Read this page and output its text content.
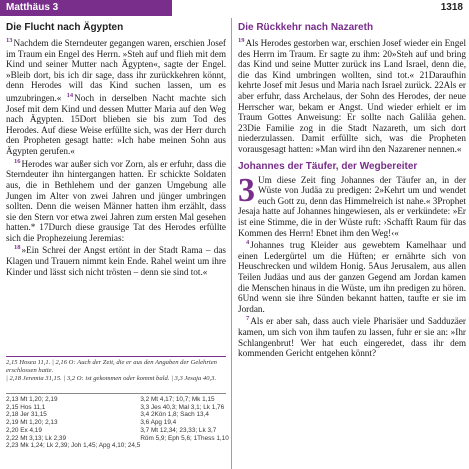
Matthäus 3	1318
Die Flucht nach Ägypten

$^{13}$Nachdem die Sterndeuter gegangen waren, erschien Josef im Traum ein Engel des Herrn. »Steh auf und flieh mit dem Kind und seiner Mutter nach Ägypten«, sagte der Engel. »Bleib dort, bis ich dir sage, dass ihr zurückkehren könnt, denn Herodes will das Kind suchen lassen, um es umzubringen.« $^{14}$Noch in derselben Nacht machte sich Josef mit dem Kind und dessen Mutter Maria auf den Weg nach Ägypten. 15Dort blieben sie bis zum Tod des Herodes. Auf diese Weise erfüllte sich, was der Herr durch den Propheten gesagt hatte: »Ich habe meinen Sohn aus Ägypten gerufen.«

$^{16}$Herodes war außer sich vor Zorn, als er erfuhr, dass die Sterndeuter ihn hintergangen hatten. Er schickte Soldaten aus, die in Bethlehem und der ganzen Umgebung alle Jungen im Alter von zwei Jahren und jünger umbringen sollten. Denn die weisen Männer hatten ihm erzählt, dass sie den Stern vor etwa zwei Jahren zum ersten Mal gesehen hatten.* 17Durch diese grausige Tat des Herodes erfüllte sich die Prophezeiung Jeremias:

$^{18}$»Ein Schrei der Angst ertönt in der Stadt Rama – das Klagen und Trauern nimmt kein Ende. Rahel weint um ihre Kinder und lässt sich nicht trösten – denn sie sind tot.«

2,15 Hosea 11,1. | 2,16 O: Auch der Zeit, die er aus den Angaben der Gelehrten erschlossen hatte.

| 2,18 Jeremia 31,15. | 3,2 O: ist gekommen oder kommt bald. | 3,3 Jesaja 40,3.

2,13 Mt 1,20; 2,19

2,15 Hos 11,1

2,18 Jer 31,15

2,19 Mt 1,20; 2,13

2,20 Ex 4,19

2,22 Mt 3,13; Lk 2,39

2,23 Mk 1,24; Lk 2,39; Joh 1,45; Apg 4,10; 24,5

3,2 Mt 4,17; 10,7; Mk 1,15

3,3 Jes 40,3; Mal 3,1; Lk 1,76

3,4 2Kön 1,8; Sach 13,4

3,6 Apg 19,4

3,7 Mt 12,34; 23,33; Lk 3,7

Röm 5,9; Eph 5,6; 1Thess 1,10

Die Rückkehr nach Nazareth

$^{19}$Als Herodes gestorben war, erschien Josef wieder ein Engel des Herrn im Traum. Er sagte zu ihm: 20»Steh auf und bring das Kind und seine Mutter zurück ins Land Israel, denn die, die das Kind umbringen wollten, sind tot.« 21Daraufhin kehrte Josef mit Jesus und Maria nach Israel zurück. 22Als er aber erfuhr, dass Archelaus, der Sohn des Herodes, der neue Herrscher war, bekam er Angst. Und wieder erhielt er im Traum Gottes Anweisung: Er sollte nach Galiläa gehen. 23Die Familie zog in die Stadt Nazareth, um sich dort niederzulassen. Damit erfüllte sich, was die Propheten vorausgesagt hatten: »Man wird ihn den Nazarener nennen.«

Johannes der Täufer, der Wegbereiter

3 Um diese Zeit fing Johannes der Täufer an, in der Wüste von Judäa zu predigen: 2»Kehrt um und wendet euch Gott zu, denn das Himmelreich ist nahe.« 3Prophet Jesaja hatte auf Johannes hingewiesen, als er verkündete: »Er ist eine Stimme, die in der Wüste ruft: ›Schafft Raum für das Kommen des Herrn! Ebnet ihm den Weg!‹«

$^4$Johannes trug Kleider aus gewebtem Kamelhaar und einen Ledergürtel um die Hüften; er ernährte sich von Heuschrecken und wildem Honig. 5Aus Jerusalem, aus allen Teilen Judäas und aus der ganzen Gegend am Jordan kamen die Menschen hinaus in die Wüste, um ihn predigen zu hören. 6Und wenn sie ihre Sünden bekannt hatten, taufte er sie im Jordan.

$^7$Als er aber sah, dass auch viele Pharisäer und Sadduzäer kamen, um sich von ihm taufen zu lassen, fuhr er sie an: »Ihr Schlangenbrut! Wer hat euch eingeredet, dass ihr dem kommenden Gericht entgehen könnt?
